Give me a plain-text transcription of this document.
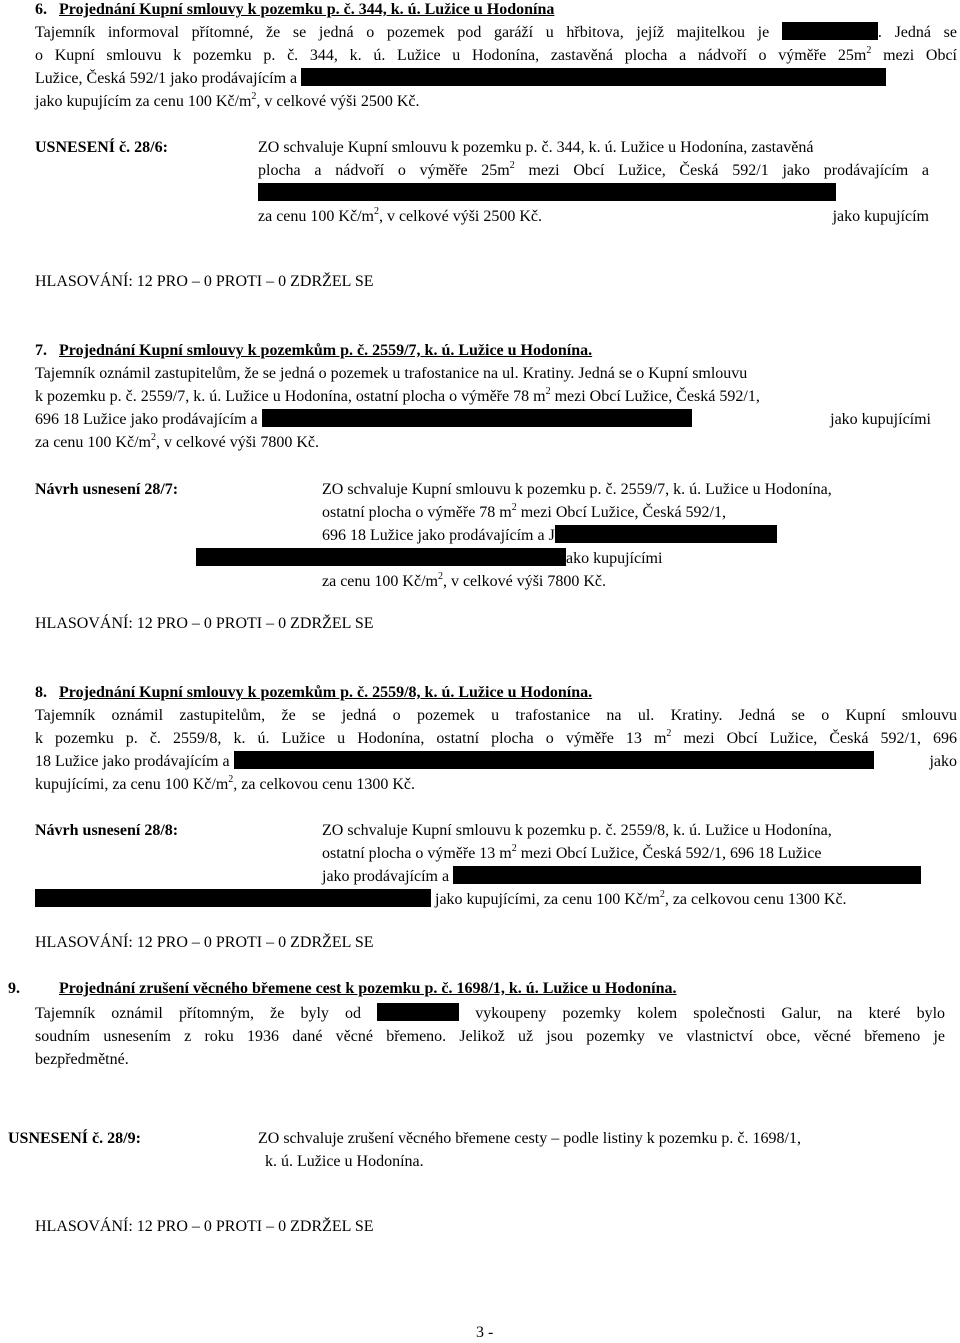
6. Projednání Kupní smlouvy k pozemku p. č. 344, k. ú. Lužice u Hodonína
Tajemník informoval přítomné, že se jedná o pozemek pod garáží u hřbitova, jejíž majitelkou je	. Jedná se
o Kupní smlouvu k pozemku p. č. 344, k. ú. Lužice u Hodonína, zastavěná plocha a nádvoří o výměře $25m^2$ mezi Obcí
Lužice, Česká 592/1 jako prodávajícím a
jako kupujícím za cenu 100 $Kč/m^2$, v celkové výši 2500 Kč.
USNESENÍ č. 28/6:	ZO schvaluje Kupní smlouvu k pozemku p. č. 344, k. ú. Lužice u Hodonína, zastavěná
plocha a nádvoří o výměře $25m^2$ mezi Obcí Lužice, Česká 592/1 jako prodávajícím a
jako kupujícím
za cenu 100 $Kč/m^2$, v celkové výši 2500 Kč.
HLASOVÁNÍ: 12 PRO – 0 PROTI – 0 ZDRŽEL SE
7. Projednání Kupní smlouvy k pozemkům p. č. 2559/7, k. ú. Lužice u Hodonína.
Tajemník oznámil zastupitelům, že se jedná o pozemek u trafostanice na ul. Kratiny. Jedná se o Kupní smlouvu
k pozemku p. č. 2559/7, k. ú. Lužice u Hodonína, ostatní plocha o výměře 78 $m^2$ mezi Obcí Lužice, Česká 592/1,
696 18 Lužice jako prodávajícím a	jako kupujícími
za cenu 100 $Kč/m^2$, v celkové výši 7800 Kč.
Návrh usnesení 28/7:	ZO schvaluje Kupní smlouvu k pozemku p. č. 2559/7, k. ú. Lužice u Hodonína,
ostatní plocha o výměře 78 $m^2$ mezi Obcí Lužice, Česká 592/1,
696 18 Lužice jako prodávajícím a J
ako kupujícími
za cenu 100 $Kč/m^2$, v celkové výši 7800 Kč.
HLASOVÁNÍ: 12 PRO – 0 PROTI – 0 ZDRŽEL SE
8. Projednání Kupní smlouvy k pozemkům p. č. 2559/8, k. ú. Lužice u Hodonína.
Tajemník oznámil zastupitelům, že se jedná o pozemek u trafostanice na ul. Kratiny. Jedná se o Kupní smlouvu
k pozemku p. č. 2559/8, k. ú. Lužice u Hodonína, ostatní plocha o výměře 13 $m^2$ mezi Obcí Lužice, Česká 592/1, 696
18 Lužice jako prodávajícím a	jako
kupujícími, za cenu 100 $Kč/m^2$, za celkovou cenu 1300 Kč.
Návrh usnesení 28/8:	ZO schvaluje Kupní smlouvu k pozemku p. č. 2559/8, k. ú. Lužice u Hodonína,
ostatní plocha o výměře 13 $m^2$ mezi Obcí Lužice, Česká 592/1, 696 18 Lužice
jako prodávajícím a
jako kupujícími, za cenu 100 $Kč/m^2$, za celkovou cenu 1300 Kč.
HLASOVÁNÍ: 12 PRO – 0 PROTI – 0 ZDRŽEL SE
9. Projednání zrušení věcného břemene cest k pozemku p. č. 1698/1, k. ú. Lužice u Hodonína.
Tajemník oznámil přítomným, že byly od	vykoupeny pozemky kolem společnosti Galur, na které bylo
soudním usnesením z roku 1936 dané věcné břemeno. Jelikož už jsou pozemky ve vlastnictví obce, věcné břemeno je
bezpředmětné.
USNESENÍ č. 28/9:	ZO schvaluje zrušení věcného břemene cesty – podle listiny k pozemku p. č. 1698/1,
k. ú. Lužice u Hodonína.
HLASOVÁNÍ: 12 PRO – 0 PROTI – 0 ZDRŽEL SE
3 -
